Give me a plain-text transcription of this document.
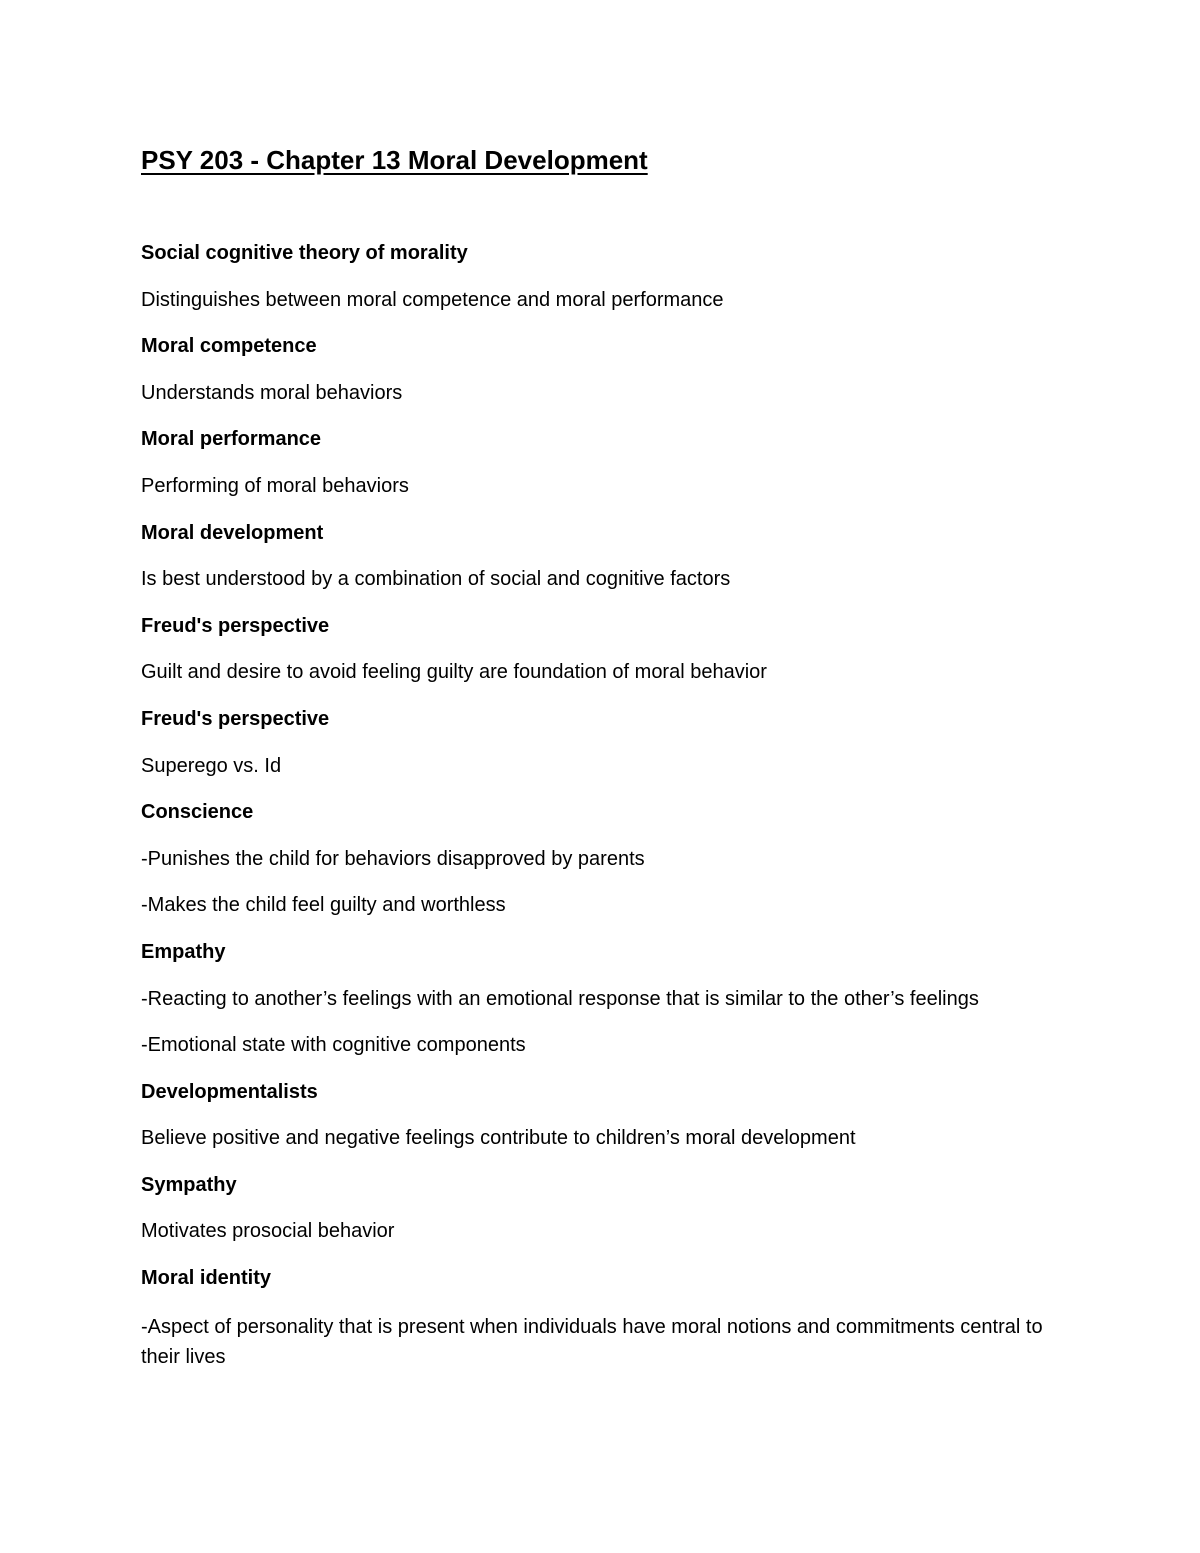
PSY 203 - Chapter 13 Moral Development

Social cognitive theory of morality

Distinguishes between moral competence and moral performance

Moral competence

Understands moral behaviors

Moral performance

Performing of moral behaviors

Moral development

Is best understood by a combination of social and cognitive factors

Freud's perspective

Guilt and desire to avoid feeling guilty are foundation of moral behavior

Freud's perspective

Superego vs. Id

Conscience

-Punishes the child for behaviors disapproved by parents

-Makes the child feel guilty and worthless

Empathy

-Reacting to another’s feelings with an emotional response that is similar to the other’s feelings

-Emotional state with cognitive components

Developmentalists

Believe positive and negative feelings contribute to children’s moral development

Sympathy

Motivates prosocial behavior

Moral identity

-Aspect of personality that is present when individuals have moral notions and commitments central to their lives
